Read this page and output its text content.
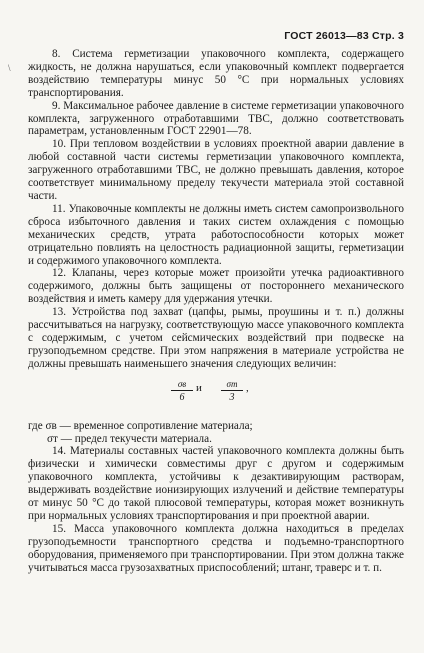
ГОСТ 26013—83 Стр. 3
\

8. Система герметизации упаковочного комплекта, содержащего жидкость, не должна нарушаться, если упаковочный комплект подвергается воздействию температуры минус 50 °С при нормальных условиях транспортирования.

9. Максимальное рабочее давление в системе герметизации упаковочного комплекта, загруженного отработавшими ТВС, должно соответствовать параметрам, установленным ГОСТ 22901—78.

10. При тепловом воздействии в условиях проектной аварии давление в любой составной части системы герметизации упаковочного комплекта, загруженного отработавшими ТВС, не должно превышать давления, которое соответствует минимальному пределу текучести материала этой составной части.

11. Упаковочные комплекты не должны иметь систем самопроизвольного сброса избыточного давления и таких систем охлаждения с помощью механических средств, утрата работоспособности которых может отрицательно повлиять на целостность радиационной защиты, герметизации и содержимого упаковочного комплекта.

12. Клапаны, через которые может произойти утечка радиоактивного содержимого, должны быть защищены от постороннего механического воздействия и иметь камеру для удержания утечки.

13. Устройства под захват (цапфы, рымы, проушины и т. п.) должны рассчитываться на нагрузку, соответствующую массе упаковочного комплекта с содержимым, с учетом сейсмических воздействий при подвеске на грузоподъемном средстве. При этом напряжения в материале устройства не должны превышать наименьшего значения следующих величин:

σв
6
и	σт
3
,

где σв — временное сопротивление материала;

σт — предел текучести материала.

14. Материалы составных частей упаковочного комплекта должны быть физически и химически совместимы друг с другом и содержимым упаковочного комплекта, устойчивы к дезактивирующим растворам, выдерживать воздействие ионизирующих излучений и действие температуры от минус 50 °С до такой плюсовой температуры, которая может возникнуть при нормальных условиях транспортирования и при проектной аварии.

15. Масса упаковочного комплекта должна находиться в пределах грузоподъемности транспортного средства и подъемно-транспортного оборудования, применяемого при транспортировании. При этом должна также учитываться масса грузозахватных приспособлений; штанг, траверс и т. п.
